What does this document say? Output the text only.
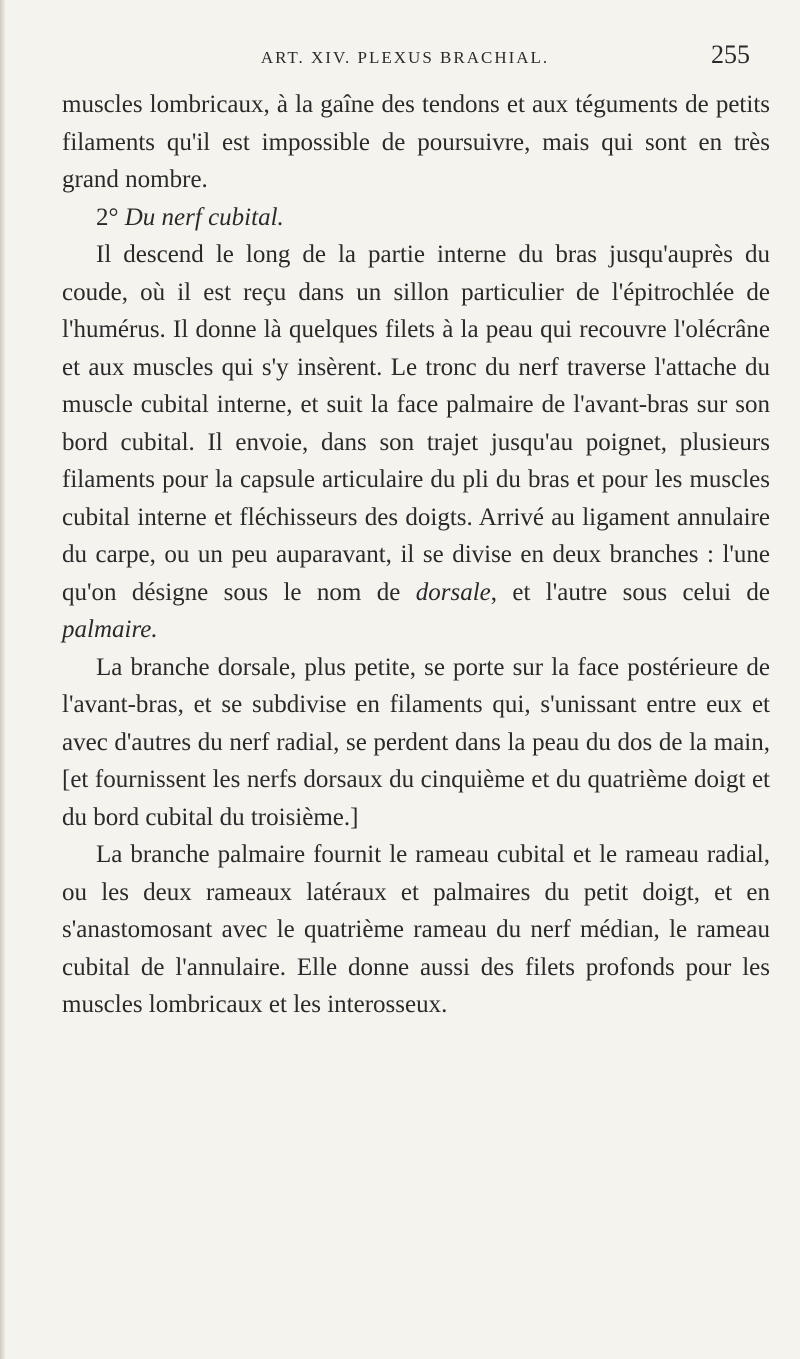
ART. XIV. PLEXUS BRACHIAL.	255

muscles lombricaux, à la gaîne des tendons et aux téguments de petits filaments qu'il est impossible de poursuivre, mais qui sont en très grand nombre.

2° Du nerf cubital.

Il descend le long de la partie interne du bras jusqu'auprès du coude, où il est reçu dans un sillon particulier de l'épitrochlée de l'humérus. Il donne là quelques filets à la peau qui recouvre l'olécrâne et aux muscles qui s'y insèrent. Le tronc du nerf traverse l'attache du muscle cubital interne, et suit la face palmaire de l'avant-bras sur son bord cubital. Il envoie, dans son trajet jusqu'au poignet, plusieurs filaments pour la capsule articulaire du pli du bras et pour les muscles cubital interne et fléchisseurs des doigts. Arrivé au ligament annulaire du carpe, ou un peu auparavant, il se divise en deux branches : l'une qu'on désigne sous le nom de dorsale, et l'autre sous celui de palmaire.

La branche dorsale, plus petite, se porte sur la face postérieure de l'avant-bras, et se subdivise en filaments qui, s'unissant entre eux et avec d'autres du nerf radial, se perdent dans la peau du dos de la main, [et fournissent les nerfs dorsaux du cinquième et du quatrième doigt et du bord cubital du troisième.]

La branche palmaire fournit le rameau cubital et le rameau radial, ou les deux rameaux latéraux et palmaires du petit doigt, et en s'anastomosant avec le quatrième rameau du nerf médian, le rameau cubital de l'annulaire. Elle donne aussi des filets profonds pour les muscles lombricaux et les interosseux.
